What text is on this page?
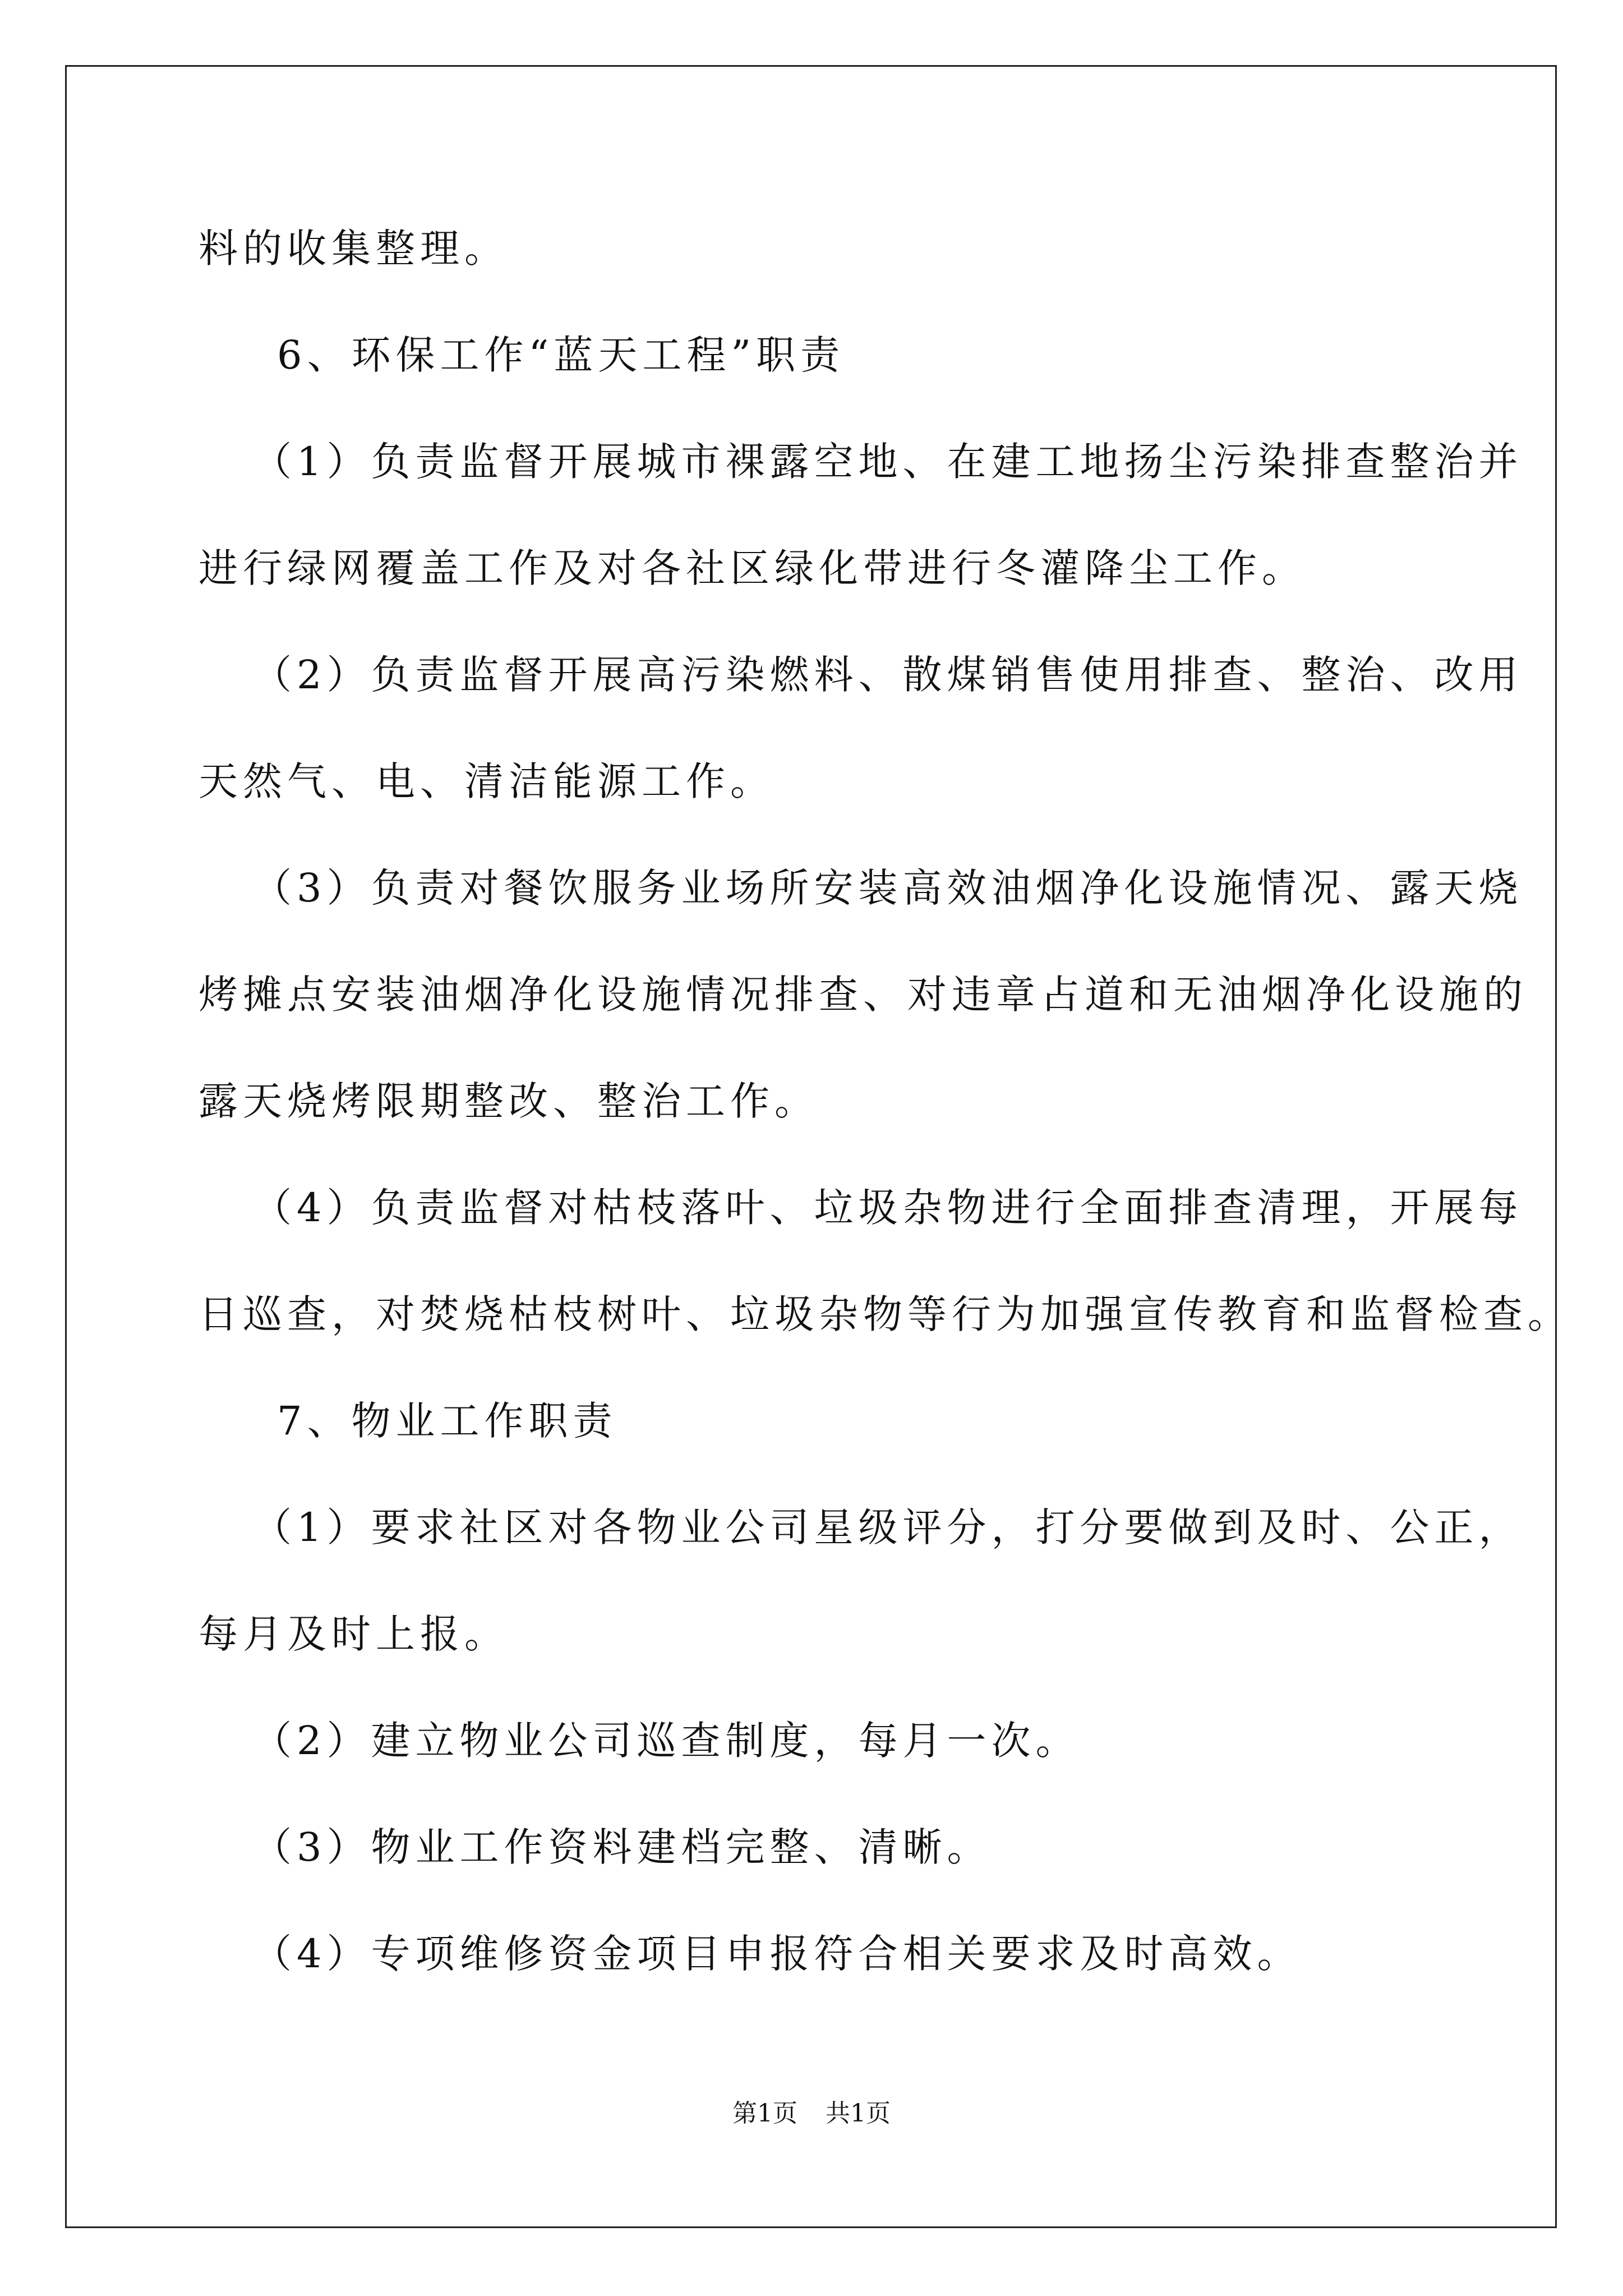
料的收集整理。

6、环保工作“蓝天工程”职责

（1）负责监督开展城市裸露空地、在建工地扬尘污染排查整治并

进行绿网覆盖工作及对各社区绿化带进行冬灌降尘工作。

（2）负责监督开展高污染燃料、散煤销售使用排查、整治、改用

天然气、电、清洁能源工作。

（3）负责对餐饮服务业场所安装高效油烟净化设施情况、露天烧

烤摊点安装油烟净化设施情况排查、对违章占道和无油烟净化设施的

露天烧烤限期整改、整治工作。

（4）负责监督对枯枝落叶、垃圾杂物进行全面排查清理，开展每

日巡查，对焚烧枯枝树叶、垃圾杂物等行为加强宣传教育和监督检查。

7、物业工作职责

（1）要求社区对各物业公司星级评分，打分要做到及时、公正，

每月及时上报。

（2）建立物业公司巡查制度，每月一次。

（3）物业工作资料建档完整、清晰。

（4）专项维修资金项目申报符合相关要求及时高效。

第1页 共1页
